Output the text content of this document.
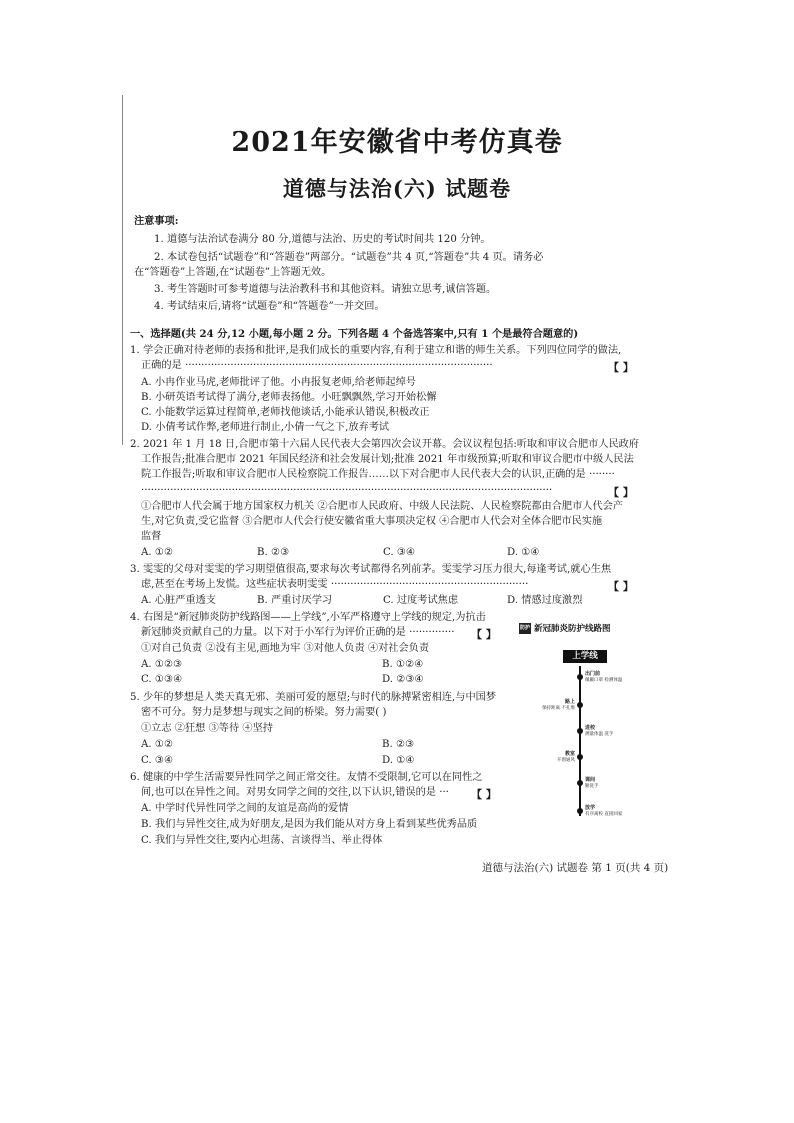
2021年安徽省中考仿真卷
道德与法治(六) 试题卷
注意事项:
1. 道德与法治试卷满分 80 分,道德与法治、历史的考试时间共 120 分钟。
2. 本试卷包括“试题卷”和“答题卷”两部分。“试题卷”共 4 页,“答题卷”共 4 页。请务必
在“答题卷”上答题,在“试题卷”上答题无效。
3. 考生答题时可参考道德与法治教科书和其他资料。请独立思考,诚信答题。
4. 考试结束后,请将“试题卷”和“答题卷”一并交回。
一、选择题(共 24 分,12 小题,每小题 2 分。下列各题 4 个备选答案中,只有 1 个是最符合题意的)
1. 学会正确对待老师的表扬和批评,是我们成长的重要内容,有利于建立和谐的师生关系。下列四位同学的做法,
正确的是 ·······························································································	【 】
A. 小冉作业马虎,老师批评了他。小冉报复老师,给老师起绰号
B. 小研英语考试得了满分,老师表扬他。小旺飘飘然,学习开始松懈
C. 小能数学运算过程简单,老师找他谈话,小能承认错误,积极改正
D. 小倩考试作弊,老师进行制止,小倩一气之下,放弃考试
2. 2021 年 1 月 18 日,合肥市第十六届人民代表大会第四次会议开幕。会议议程包括:听取和审议合肥市人民政府
工作报告;批准合肥市 2021 年国民经济和社会发展计划;批准 2021 年市级预算;听取和审议合肥市中级人民法
院工作报告;听取和审议合肥市人民检察院工作报告……以下对合肥市人民代表大会的认识,正确的是 ········
·······························································································································	【 】
①合肥市人代会属于地方国家权力机关 ②合肥市人民政府、中级人民法院、人民检察院都由合肥市人代会产
生,对它负责,受它监督 ③合肥市人代会行使安徽省重大事项决定权 ④合肥市人代会对全体合肥市民实施
监督
A. ①②	B. ②③	C. ③④	D. ①④
3. 雯雯的父母对雯雯的学习期望值很高,要求每次考试都得名列前茅。雯雯学习压力很大,每逢考试,就心生焦
虑,甚至在考场上发慌。这些症状表明雯雯 ·····························································	【 】
A. 心脏严重透支	B. 严重讨厌学习	C. 过度考试焦虑	D. 情感过度激烈
4. 右图是“新冠肺炎防护线路图——上学线”,小军严格遵守上学线的规定,为抗击
新冠肺炎贡献自己的力量。以下对于小军行为评价正确的是 ·············· 【 】
①对自己负责 ②没有主见,画地为牢 ③对他人负责 ④对社会负责
A. ①②③	B. ①②④
C. ①③④	D. ②③④
5. 少年的梦想是人类天真无邪、美丽可爱的愿望;与时代的脉搏紧密相连,与中国梦
密不可分。努力是梦想与现实之间的桥梁。努力需要( )
①立志 ②狂想 ③等待 ④坚持
A. ①②	B. ②③
C. ③④	D. ①④
6. 健康的中学生活需要异性同学之间正常交往。友情不受限制,它可以在同性之
间,也可以在异性之间。对男女同学之间的交往,以下认识,错误的是 ··· 【 】
A. 中学时代异性同学之间的友谊是高尚的爱情
B. 我们与异性交往,成为好朋友,是因为我们能从对方身上看到某些优秀品质
C. 我们与异性交往,要内心坦荡、言谈得当、举止得体
防护 新冠肺炎防护线路图
上学线
出门前
佩戴口罩 检测体温
路上
保持距离 不扎堆
进校
测量体温 洗手
教室
开窗通风
课间
勤洗手
放学
有序离校 直接回家
道德与法治(六) 试题卷 第 1 页(共 4 页)
